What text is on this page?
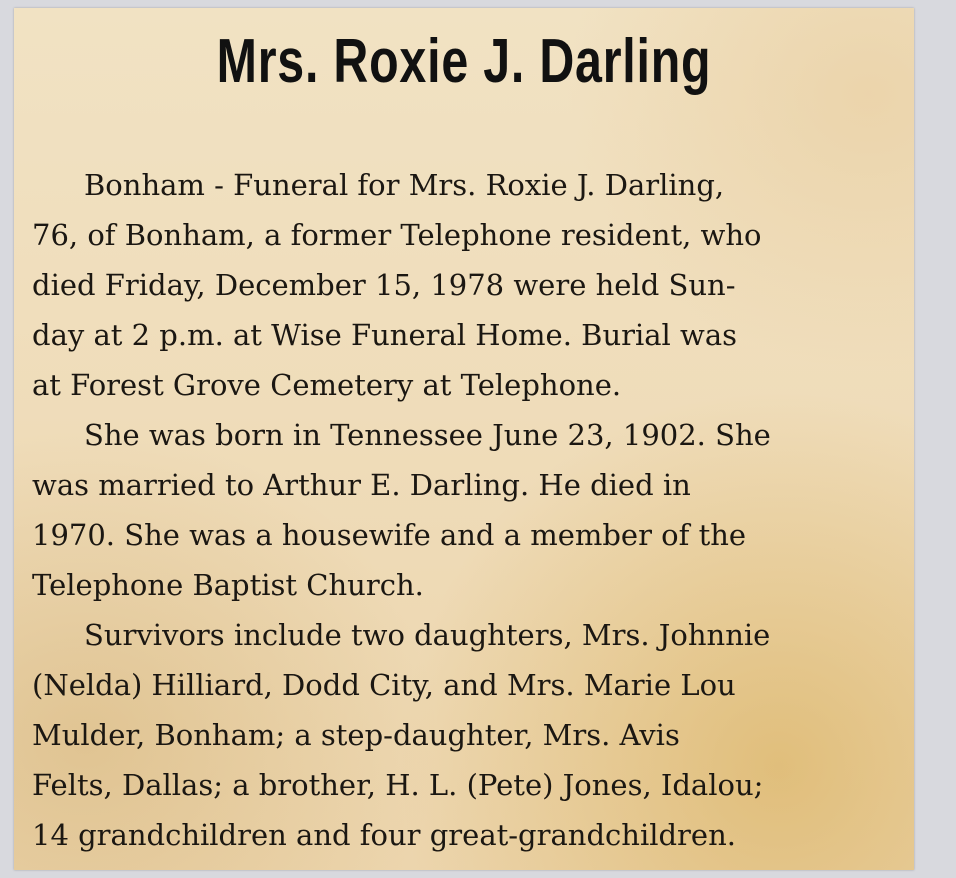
Mrs. Roxie J. Darling
Bonham - Funeral for Mrs. Roxie J. Darling,
76, of Bonham, a former Telephone resident, who
died Friday, December 15, 1978 were held Sun-
day at 2 p.m. at Wise Funeral Home. Burial was
at Forest Grove Cemetery at Telephone.
She was born in Tennessee June 23, 1902. She
was married to Arthur E. Darling. He died in
1970. She was a housewife and a member of the
Telephone Baptist Church.
Survivors include two daughters, Mrs. Johnnie
(Nelda) Hilliard, Dodd City, and Mrs. Marie Lou
Mulder, Bonham; a step-daughter, Mrs. Avis
Felts, Dallas; a brother, H. L. (Pete) Jones, Idalou;
14 grandchildren and four great-grandchildren.
